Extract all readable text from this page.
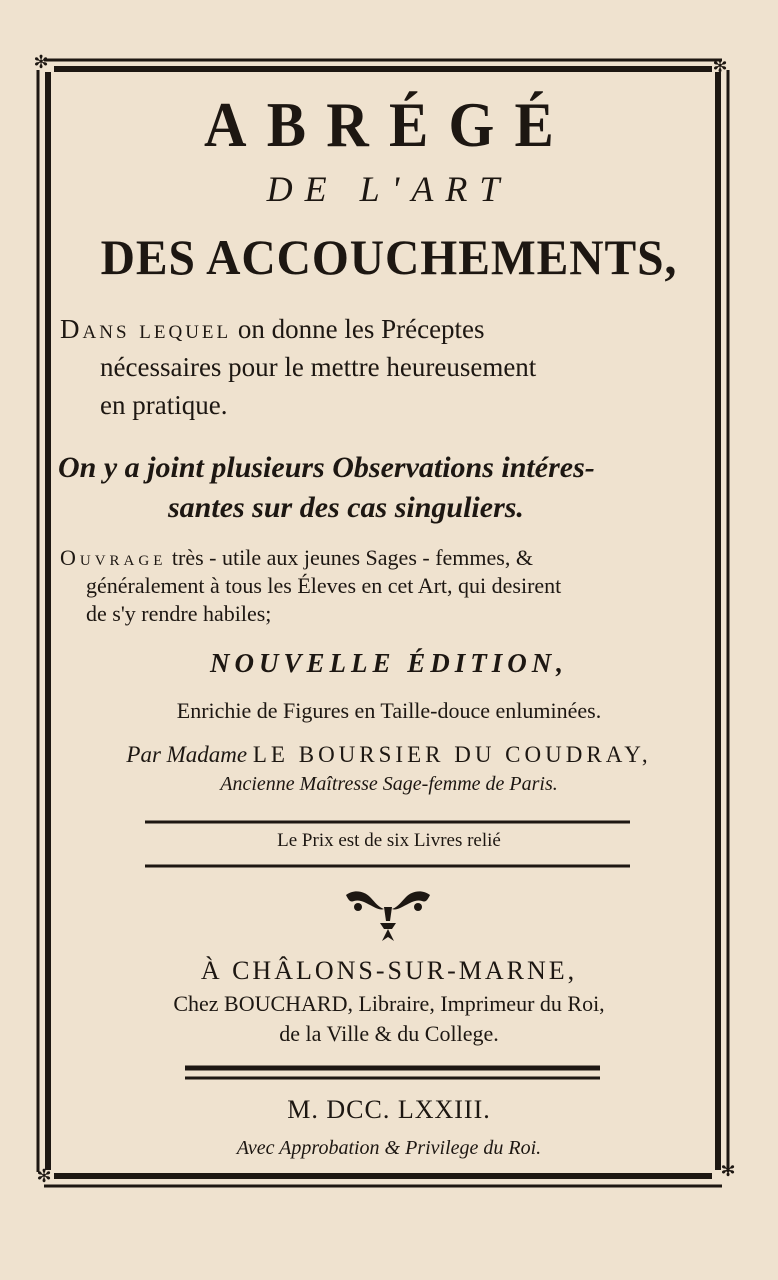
✻	✻
✻	✻
ABRÉGÉ
DE L'ART
DES ACCOUCHEMENTS,
Dans lequel on donne les Préceptes
nécessaires pour le mettre heureusement
en pratique.
On y a joint plusieurs Observations intéres-
santes sur des cas singuliers.
Ouvrage très - utile aux jeunes Sages - femmes, &
généralement à tous les Éleves en cet Art, qui desirent
de s'y rendre habiles;
NOUVELLE ÉDITION,
Enrichie de Figures en Taille-douce enluminées.
Par Madame LE BOURSIER DU COUDRAY,
Ancienne Maîtresse Sage-femme de Paris.
Le Prix est de six Livres relié
À CHÂLONS-SUR-MARNE,
Chez BOUCHARD, Libraire, Imprimeur du Roi,
de la Ville & du College.
M. DCC. LXXIII.
Avec Approbation & Privilege du Roi.
